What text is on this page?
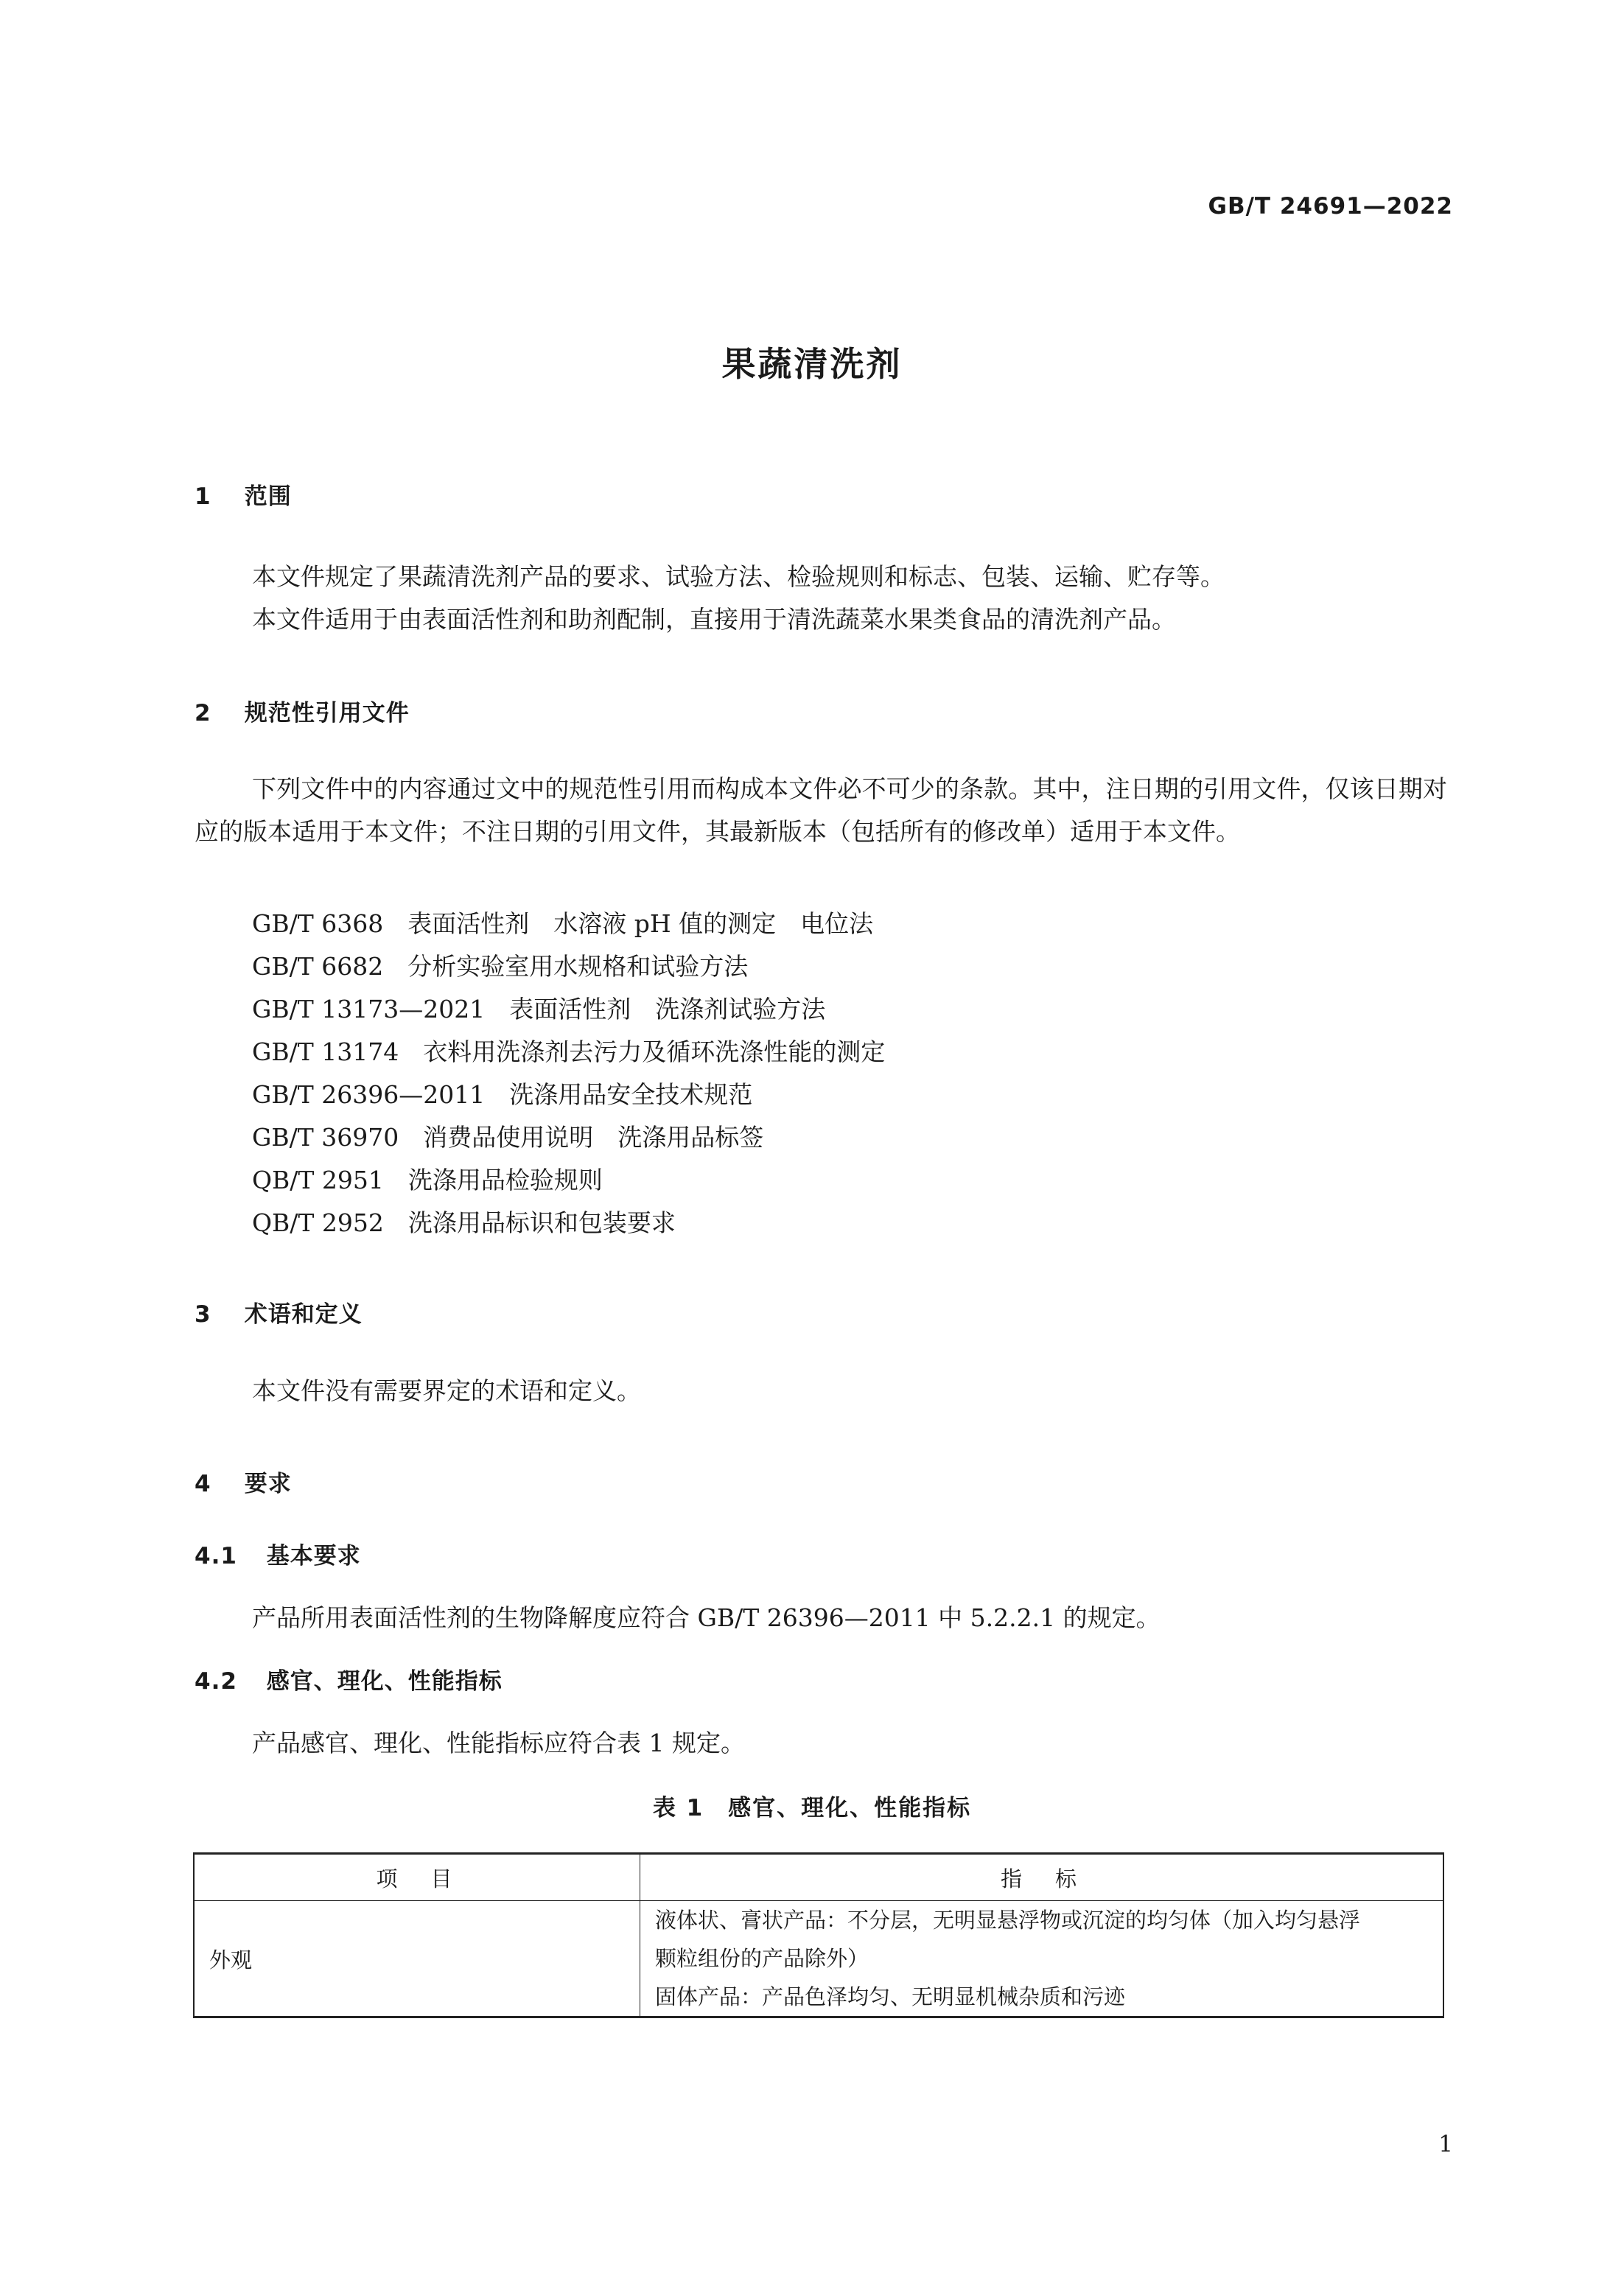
GB/T 24691—2022
果蔬清洗剂
1 范围
本文件规定了果蔬清洗剂产品的要求、试验方法、检验规则和标志、包装、运输、贮存等。
本文件适用于由表面活性剂和助剂配制，直接用于清洗蔬菜水果类食品的清洗剂产品。
2 规范性引用文件
下列文件中的内容通过文中的规范性引用而构成本文件必不可少的条款。其中，注日期的引用文件，仅该日期对应的版本适用于本文件；不注日期的引用文件，其最新版本（包括所有的修改单）适用于本文件。
GB/T 6368　表面活性剂　水溶液 pH 值的测定　电位法
GB/T 6682　分析实验室用水规格和试验方法
GB/T 13173—2021　表面活性剂　洗涤剂试验方法
GB/T 13174　衣料用洗涤剂去污力及循环洗涤性能的测定
GB/T 26396—2011　洗涤用品安全技术规范
GB/T 36970　消费品使用说明　洗涤用品标签
QB/T 2951　洗涤用品检验规则
QB/T 2952　洗涤用品标识和包装要求
3 术语和定义
本文件没有需要界定的术语和定义。
4 要求
4.1 基本要求
产品所用表面活性剂的生物降解度应符合 GB/T 26396—2011 中 5.2.2.1 的规定。
4.2 感官、理化、性能指标
产品感官、理化、性能指标应符合表 1 规定。
表 1　感官、理化、性能指标
项　目	指　标
外观	液体状、膏状产品：不分层，无明显悬浮物或沉淀的均匀体（加入均匀悬浮
颗粒组份的产品除外）
固体产品：产品色泽均匀、无明显机械杂质和污迹
1
